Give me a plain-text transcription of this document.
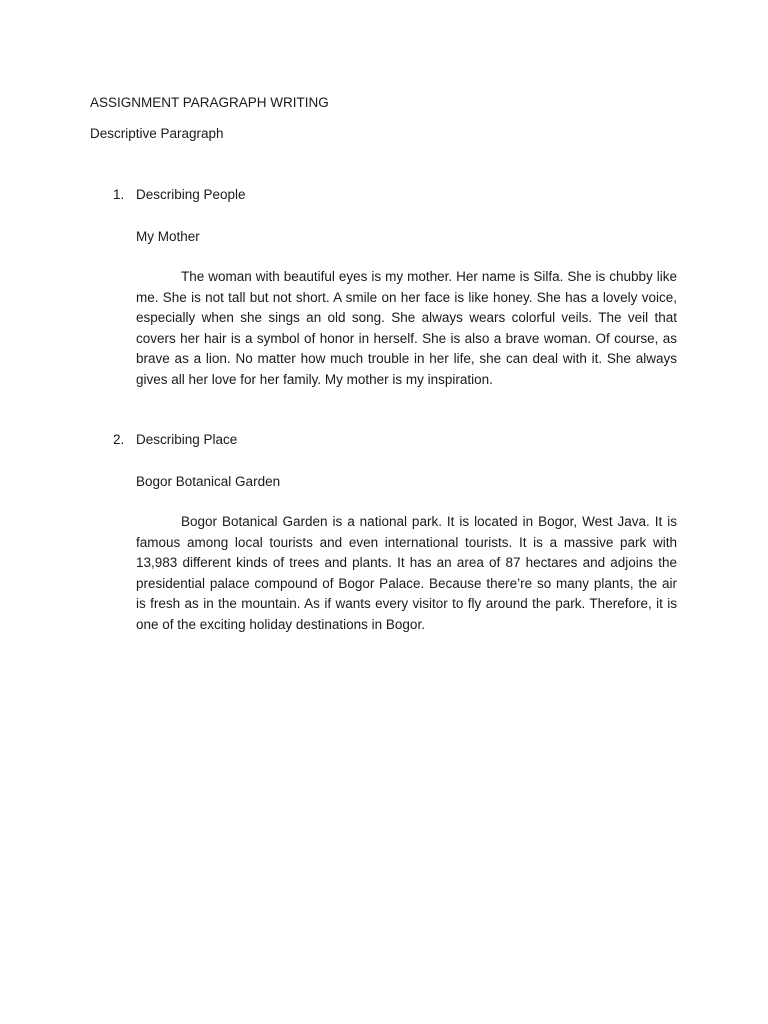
ASSIGNMENT PARAGRAPH WRITING
Descriptive Paragraph
1. Describing People

My Mother

The woman with beautiful eyes is my mother. Her name is Silfa. She is chubby like me. She is not tall but not short. A smile on her face is like honey. She has a lovely voice, especially when she sings an old song. She always wears colorful veils. The veil that covers her hair is a symbol of honor in herself. She is also a brave woman. Of course, as brave as a lion. No matter how much trouble in her life, she can deal with it. She always gives all her love for her family. My mother is my inspiration.

2. Describing Place

Bogor Botanical Garden

Bogor Botanical Garden is a national park. It is located in Bogor, West Java. It is famous among local tourists and even international tourists. It is a massive park with 13,983 different kinds of trees and plants. It has an area of 87 hectares and adjoins the presidential palace compound of Bogor Palace. Because there’re so many plants, the air is fresh as in the mountain. As if wants every visitor to fly around the park. Therefore, it is one of the exciting holiday destinations in Bogor.
